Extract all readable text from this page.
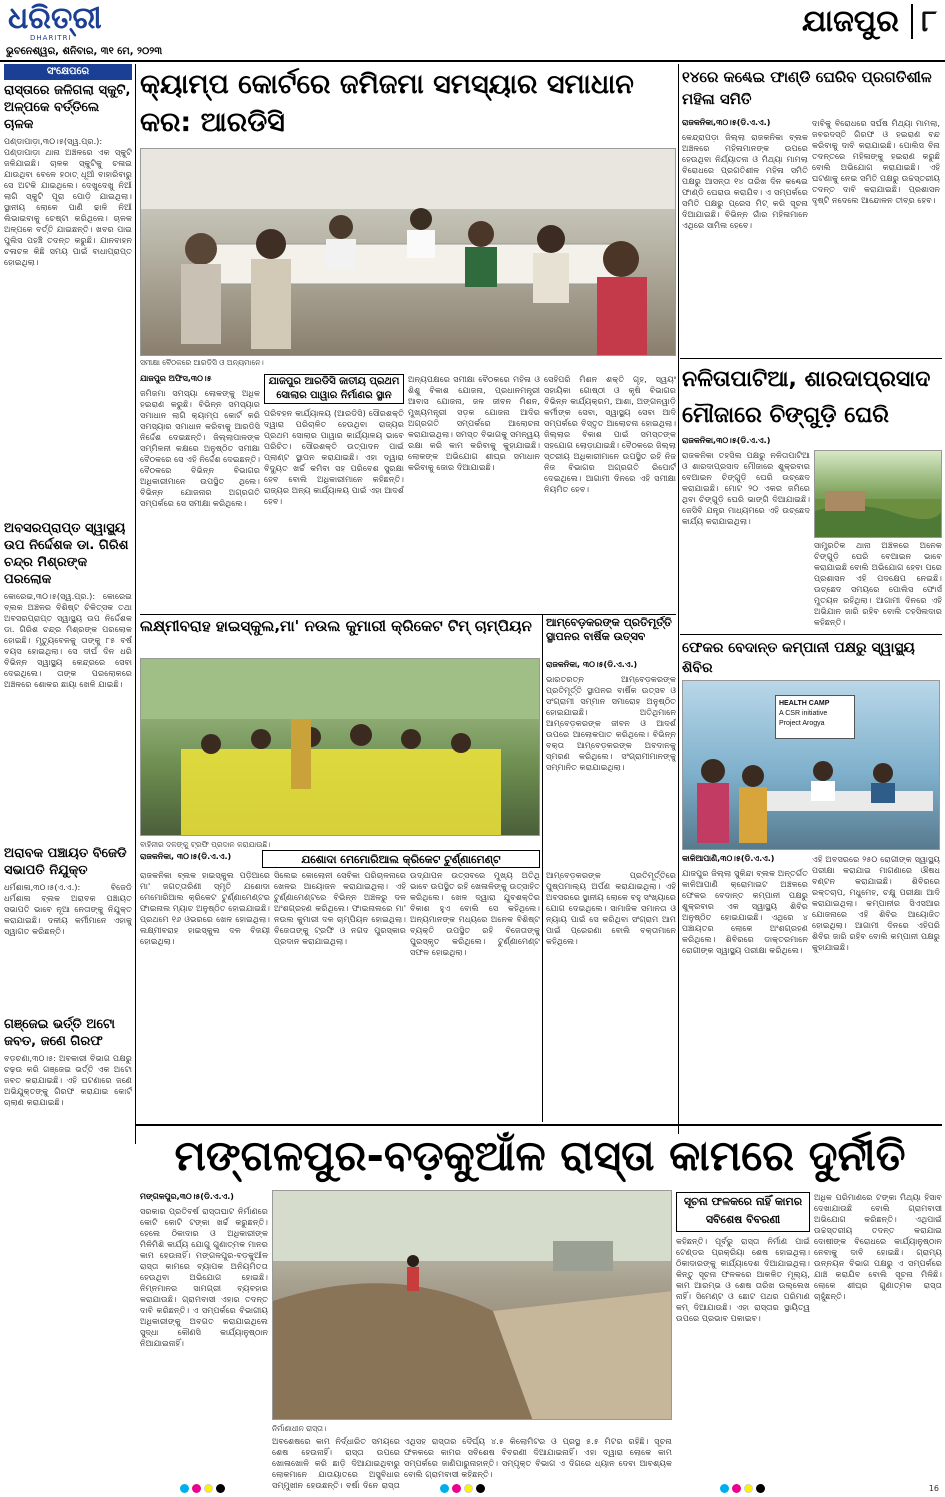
ଧରିତ୍ରୀ
DHARITRI	ଯାଜପୁର ୮
ଭୁବନେଶ୍ୱର, ଶନିବାର, ୩୧ ମେ, ୨୦୨୩
ସଂକ୍ଷେପରେ
ରାସ୍ତାରେ ଜଳିଗଲା ସ୍କୁଟି, ଅଳ୍ପକେ ବର୍ତ୍ତିଲେ ଚାଳକ
ପଣ୍ଡାପାଡ଼ା,୩୦।୫(ସ୍ୱ.ପ୍ର.): ପଣ୍ଡାପାଡ଼ା ଥାନା ଅଞ୍ଚଳରେ ଏକ ସ୍କୁଟି ଜଳିଯାଇଛି। ଚାଳକ ସ୍କୁଟିକୁ ଚଳାଇ ଯାଉଥିବା ବେଳେ ହଠାତ୍ ଧୂଆଁ ବାହାରିବାରୁ ସେ ଅଟକି ଯାଇଥିଲେ। ଦେଖୁଦେଖୁ ନିଆଁ ଲାଗି ସ୍କୁଟି ପୂରା ପୋଡ଼ି ଯାଇଥିଲା। ସ୍ଥାନୀୟ ଲୋକେ ପାଣି ଢାଳି ନିଆଁ ଲିଭାଇବାକୁ ଚେଷ୍ଟା କରିଥିଲେ। ଚାଳକ ଅଳ୍ପକେ ବର୍ତ୍ତି ଯାଇଛନ୍ତି। ଖବର ପାଇ ପୁଲିସ ପହଞ୍ଚି ତଦନ୍ତ କରୁଛି। ଯାନବାହନ ଚଳାଚଳ କିଛି ସମୟ ପାଇଁ ବାଧାପ୍ରାପ୍ତ ହୋଇଥିଲା।
ଅବସରପ୍ରାପ୍ତ ସ୍ୱାସ୍ଥ୍ୟ ଉପ ନିର୍ଦ୍ଦେଶକ ଡା. ଗିରିଶ ଚନ୍ଦ୍ର ମିଶ୍ରଙ୍କ ପରଲୋକ
କୋରେଇ,୩୦।୫(ସ୍ୱ.ପ୍ର.): କୋରେଇ ବ୍ଲକ ଅଞ୍ଚଳର ବିଶିଷ୍ଟ ଚିକିତ୍ସକ ତଥା ଅବସରପ୍ରାପ୍ତ ସ୍ୱାସ୍ଥ୍ୟ ଉପ ନିର୍ଦ୍ଦେଶକ ଡା. ଗିରିଶ ଚନ୍ଦ୍ର ମିଶ୍ରଙ୍କ ପରଲୋକ ହୋଇଛି। ମୃତ୍ୟୁବେଳକୁ ତାଙ୍କୁ ୮୫ ବର୍ଷ ବୟସ ହୋଇଥିଲା। ସେ ଦୀର୍ଘ ଦିନ ଧରି ବିଭିନ୍ନ ସ୍ୱାସ୍ଥ୍ୟ କେନ୍ଦ୍ରରେ ସେବା ଦେଇଥିଲେ। ତାଙ୍କ ପରଲୋକରେ ଅଞ୍ଚଳରେ ଶୋକର ଛାୟା ଖେଳି ଯାଇଛି।
ଅରାବକ ପଞ୍ଚାୟତ ବିଜେଡି ସଭାପତି ନିଯୁକ୍ତ
ଧର୍ମଶାଳା,୩୦।୫(ଏ.ଏ.): ବିଜେଡି ଧର୍ମଶାଳା ବ୍ଲକ ଅରାବକ ପଞ୍ଚାୟତ ସଭାପତି ଭାବେ ନୂଆ ନେତାଙ୍କୁ ନିଯୁକ୍ତ କରାଯାଇଛି। ଦଳୀୟ କର୍ମୀମାନେ ଏହାକୁ ସ୍ୱାଗତ କରିଛନ୍ତି।
ଗଞ୍ଜେଇ ଭର୍ତ୍ତି ଅଟୋ ଜବତ, ଜଣେ ଗିରଫ
ବଡ଼ଚଣା,୩୦।୫: ଅବକାରୀ ବିଭାଗ ପକ୍ଷରୁ ଚଢ଼ଉ କରି ଗଞ୍ଜେଇ ଭର୍ତ୍ତି ଏକ ଅଟୋ ଜବତ କରାଯାଇଛି। ଏହି ଘଟଣାରେ ଜଣେ ଅଭିଯୁକ୍ତଙ୍କୁ ଗିରଫ କରାଯାଇ କୋର୍ଟ ଚାଲାଣ କରାଯାଇଛି।
କ୍ୟାମ୍ପ କୋର୍ଟରେ ଜମିଜମା ସମସ୍ୟାର ସମାଧାନ କର: ଆରଡିସି
ସମୀକ୍ଷା ବୈଠକରେ ଆରଡିସି ଓ ଅନ୍ୟମାନେ।
ଯାଜପୁର ଅଫିସ,୩୦।୫
ଜମିଜମା ସମସ୍ୟା ଲୋକଙ୍କୁ ଅଧିକ ହଇରାଣ କରୁଛି। ବିଭିନ୍ନ ସମସ୍ୟାର ସମାଧାନ ଲାଗି କ୍ୟାମ୍ପ କୋର୍ଟ କରି ସମସ୍ୟାର ସମାଧାନ କରିବାକୁ ଆରଡିସି ନିର୍ଦ୍ଦେଶ ଦେଇଛନ୍ତି। ଜିଲ୍ଲାପାଳଙ୍କ ସମ୍ମିଳନୀ କକ୍ଷରେ ଅନୁଷ୍ଠିତ ସମୀକ୍ଷା ବୈଠକରେ ସେ ଏହି ନିର୍ଦ୍ଦେଶ ଦେଇଛନ୍ତି। ବୈଠକରେ ବିଭିନ୍ନ ବିଭାଗର ଅଧିକାରୀମାନେ ଉପସ୍ଥିତ ଥିଲେ। ବିଭିନ୍ନ ଯୋଜନାର ଅଗ୍ରଗତି ସମ୍ପର୍କରେ ସେ ସମୀକ୍ଷା କରିଥିଲେ।
ଯାଜପୁର ଆରଡିସି ଜାତୀୟ ପ୍ରଥମ ସୋଲାର ପାୱାର ନିର୍ମାଣର ସ୍ଥାନ
ପରିବହନ କାର୍ଯ୍ୟାଳୟ (ଆରଡିସି) ସୌରଶକ୍ତି ଦ୍ୱାରା ପରିଚାଳିତ ହେଉଥିବା ରାଜ୍ୟର ପ୍ରଥମ ସୋଲାର ପାୱାର କାର୍ଯ୍ୟାଳୟ ଭାବେ ପରିଚିତ। ସୌରଶକ୍ତି ଉତ୍ପାଦନ ପାଇଁ ପ୍ଲାଣ୍ଟ ସ୍ଥାପନ କରାଯାଇଛି। ଏହା ଦ୍ୱାରା ବିଦ୍ୟୁତ ଖର୍ଚ୍ଚ କମିବା ସହ ପରିବେଶ ସୁରକ୍ଷା ହେବ ବୋଲି ଅଧିକାରୀମାନେ କହିଛନ୍ତି। ରାଜ୍ୟର ଅନ୍ୟ କାର୍ଯ୍ୟାଳୟ ପାଇଁ ଏହା ଆଦର୍ଶ ହେବ।
ଅନ୍ୟପକ୍ଷରେ ସମୀକ୍ଷା ବୈଠକରେ ମହିଳା ଓ ଶିଶୁ ବିକାଶ ଯୋଜନା, ପ୍ରଧାନମନ୍ତ୍ରୀ ଆବାସ ଯୋଜନା, ଜଳ ଜୀବନ ମିଶନ, ମୁଖ୍ୟମନ୍ତ୍ରୀ ସଡ଼କ ଯୋଜନା ଆଦିର ଅଗ୍ରଗତି ସମ୍ପର୍କରେ ଆଲୋଚନା କରାଯାଇଥିଲା। ସମସ୍ତ ବିଭାଗକୁ ସମନ୍ୱୟ ରକ୍ଷା କରି କାମ କରିବାକୁ କୁହାଯାଇଛି। ଲୋକଙ୍କ ଅଭିଯୋଗ ଶୀଘ୍ର ସମାଧାନ କରିବାକୁ ଜୋର ଦିଆଯାଇଛି।
ସେହିପରି ମିଶନ ଶକ୍ତି ଗୃହ, ସ୍ୱୟଂ ସହାୟିକା ଗୋଷ୍ଠୀ ଓ କୃଷି ବିଭାଗର ବିଭିନ୍ନ କାର୍ଯ୍ୟକ୍ରମ, ଆଶା, ଅଙ୍ଗନୱାଡ଼ି କର୍ମୀଙ୍କ ସେବା, ସ୍ୱାସ୍ଥ୍ୟ ସେବା ଆଦି ସମ୍ପର୍କରେ ବିସ୍ତୃତ ଆଲୋଚନା ହୋଇଥିଲା। ଜିଲ୍ଲାର ବିକାଶ ପାଇଁ ସମସ୍ତଙ୍କ ସହଯୋଗ ଲୋଡ଼ାଯାଇଛି। ବୈଠକରେ ଜିଲ୍ଲା ସ୍ତରୀୟ ଅଧିକାରୀମାନେ ଉପସ୍ଥିତ ରହି ନିଜ ନିଜ ବିଭାଗର ଅଗ୍ରଗତି ରିପୋର୍ଟ ଦେଇଥିଲେ। ଆଗାମୀ ଦିନରେ ଏହି ସମୀକ୍ଷା ନିୟମିତ ହେବ।
୧୪ରେ କଣ୍ଢେଇ ଫାଣ୍ଡି ଘେରିବ ପ୍ରଗତିଶୀଳ ମହିଳା ସମିତି
ରାଜକନିକା,୩୦।୫(ଡି.ଏ.ଏ.)
କେନ୍ଦ୍ରାପଡ଼ା ଜିଲ୍ଲା ରାଜକନିକା ବ୍ଲକ ଅଞ୍ଚଳରେ ମହିଳାମାନଙ୍କ ଉପରେ ହେଉଥିବା ନିର୍ଯ୍ୟାତନା ଓ ମିଥ୍ୟା ମାମଲା ବିରୋଧରେ ପ୍ରଗତିଶୀଳ ମହିଳା ସମିତି ପକ୍ଷରୁ ଆସନ୍ତା ୧୪ ତାରିଖ ଦିନ କଣ୍ଢେଇ ଫାଣ୍ଡି ଘେରାଉ କରାଯିବ। ଏ ସମ୍ପର୍କରେ ସମିତି ପକ୍ଷରୁ ପ୍ରେସ ମିଟ୍ କରି ସୂଚନା ଦିଆଯାଇଛି। ବିଭିନ୍ନ ଗାଁର ମହିଳାମାନେ ଏଥିରେ ସାମିଲ ହେବେ।
ଦାବିକୁ ବିରୋଧରେ ସର୍ଘଷ ମିଥ୍ୟା ମାମଲା, ଜବରଦସ୍ତି ଗିରଫ ଓ ହଇରାଣ ବନ୍ଦ କରିବାକୁ ଦାବି କରାଯାଇଛି। ପୋଲିସ ବିନା ତଦନ୍ତରେ ମହିଳାଙ୍କୁ ହଇରାଣ କରୁଛି ବୋଲି ଅଭିଯୋଗ କରାଯାଇଛି। ଏହି ଘଟଣାକୁ ନେଇ ସମିତି ପକ୍ଷରୁ ଉଚ୍ଚସ୍ତରୀୟ ତଦନ୍ତ ଦାବି କରାଯାଇଛି। ପ୍ରଶାସନ ଦୃଷ୍ଟି ନଦେଲେ ଆନ୍ଦୋଳନ ତୀବ୍ର ହେବ।
ନଳିତାପାଟିଆ, ଶାରଦାପ୍ରସାଦ ମୌଜାରେ ଚିଙ୍ଗୁଡ଼ି ଘେରି
ରାଜକନିକା,୩୦।୫(ଡି.ଏ.ଏ.)
ରାଜକନିକା ତହସିଲ ପକ୍ଷରୁ ନଳିତାପାଟିଆ ଓ ଶାରଦାପ୍ରସାଦ ମୌଜାରେ ଶୁକ୍ରବାର ବେଆଇନ ଚିଙ୍ଗୁଡ଼ି ଘେରି ଉଚ୍ଛେଦ କରାଯାଇଛି। ମୋଟ ୨୦ ଏକର ଜମିରେ ଥିବା ଚିଙ୍ଗୁଡ଼ି ଘେରି ଭାଙ୍ଗି ଦିଆଯାଇଛି। ଜେସିବି ଯନ୍ତ୍ର ମାଧ୍ୟମରେ ଏହି ଉଚ୍ଛେଦ କାର୍ଯ୍ୟ କରାଯାଇଥିଲା।
ସାମ୍ପ୍ରତିକ ଥାନା ଅଞ୍ଚଳରେ ଅନେକ ଚିଙ୍ଗୁଡ଼ି ଘେରି ବେଆଇନ ଭାବେ କରାଯାଇଛି ବୋଲି ଅଭିଯୋଗ ହେବା ପରେ ପ୍ରଶାସନ ଏହି ପଦକ୍ଷେପ ନେଇଛି। ଉଚ୍ଛେଦ ସମୟରେ ପୋଲିସ ଫୋର୍ସ ମୁତୟନ ରହିଥିଲା। ଆଗାମୀ ଦିନରେ ଏହି ଅଭିଯାନ ଜାରି ରହିବ ବୋଲି ତହସିଲଦାର କହିଛନ୍ତି।
ଲକ୍ଷ୍ମୀବରାହ ହାଇସ୍କୁଲ,ମା' ନଉଲ କୁମାରୀ କ୍ରିକେଟ ଟିମ୍ ଚାମ୍ପିୟନ
ବାହିନୀର ଦଳଙ୍କୁ ଟ୍ରଫି ପ୍ରଦାନ କରାଯାଉଛି।
ରାଜକନିକା, ୩୦।୫(ଡି.ଏ.ଏ.)	ଯଶୋଦା ମେମୋରିଆଲ କ୍ରିକେଟ ଟୁର୍ଣ୍ଣାମେଣ୍ଟ
ରାଜକନିକା ବ୍ଲକ ହାଇସ୍କୁଲ ପଡ଼ିଆରେ ମା' ଜଗତ୍ତାରିଣୀ ସ୍ମୃତି ଯଶୋଦା ମେମୋରିଆଲ କ୍ରିକେଟ ଟୁର୍ଣ୍ଣାମେଣ୍ଟର ଫାଇନାଲ ମ୍ୟାଚ ଅନୁଷ୍ଠିତ ହୋଇଯାଇଛି। ପ୍ରଥମେ ୧୬ ଓଭରରେ ଖେଳ ହୋଇଥିଲା। ଲକ୍ଷ୍ମୀବରାହ ହାଇସ୍କୁଲ ଦଳ ବିଜୟୀ ହୋଇଥିଲା।
ସିଲେଇ କୋଲୋନୀ ସେବିକା ପରିଚାଳନାରେ ଖେଳର ଆୟୋଜନ କରାଯାଇଥିଲା। ଏହି ଟୁର୍ଣ୍ଣାମେଣ୍ଟରେ ବିଭିନ୍ନ ଅଞ୍ଚଳରୁ ଦଳ ଅଂଶଗ୍ରହଣ କରିଥିଲେ। ଫାଇନାଲରେ ମା' ନଉଲ କୁମାରୀ ଦଳ ଚାମ୍ପିୟନ ହୋଇଥିଲା। ବିଜେତାଙ୍କୁ ଟ୍ରଫି ଓ ନଗଦ ପୁରସ୍କାର ପ୍ରଦାନ କରାଯାଇଥିଲା।
ଉଦ୍‌ଯାପନ ଉତ୍ସବରେ ମୁଖ୍ୟ ଅତିଥି ଭାବେ ଉପସ୍ଥିତ ରହି ଖେଳାଳିଙ୍କୁ ଉତ୍ସାହିତ କରିଥିଲେ। ଖେଳ ଦ୍ୱାରା ଯୁବଶକ୍ତିର ବିକାଶ ହୁଏ ବୋଲି ସେ କହିଥିଲେ। ଅନ୍ୟମାନଙ୍କ ମଧ୍ୟରେ ଅନେକ ବିଶିଷ୍ଟ ବ୍ୟକ୍ତି ଉପସ୍ଥିତ ରହି ବିଜେତାଙ୍କୁ ପୁରସ୍କୃତ କରିଥିଲେ। ଟୁର୍ଣ୍ଣାମେଣ୍ଟ ସଫଳ ହୋଇଥିଲା।
ଆମ୍ବେଡ଼କରଙ୍କ ପ୍ରତିମୂର୍ତ୍ତି ସ୍ଥାପନର ବାର୍ଷିକ ଉତ୍ସବ
ରାଜକନିକା, ୩୦।୫(ଡି.ଏ.ଏ.)
ଭାରତରତ୍ନ ଆମ୍ବେଡ଼କରଙ୍କ ପ୍ରତିମୂର୍ତ୍ତି ସ୍ଥାପନର ବାର୍ଷିକ ଉତ୍ସବ ଓ ସଂଗ୍ରାମୀ ସମ୍ମାନ ସମାରୋହ ଅନୁଷ୍ଠିତ ହୋଇଯାଇଛି। ଅତିଥିମାନେ ଆମ୍ବେଡ଼କରଙ୍କ ଜୀବନ ଓ ଆଦର୍ଶ ଉପରେ ଆଲୋକପାତ କରିଥିଲେ। ବିଭିନ୍ନ ବକ୍ତା ଆମ୍ବେଡ଼କରଙ୍କ ଅବଦାନକୁ ସ୍ମରଣ କରିଥିଲେ। ସଂଗ୍ରାମୀମାନଙ୍କୁ ସମ୍ମାନିତ କରାଯାଇଥିଲା।
ଆମ୍ବେଡ଼କରଙ୍କ ପ୍ରତିମୂର୍ତ୍ତିରେ ପୁଷ୍ପମାଲ୍ୟ ଅର୍ପଣ କରାଯାଇଥିଲା। ଏହି ଅବସରରେ ସ୍ଥାନୀୟ ଲୋକେ ବହୁ ସଂଖ୍ୟାରେ ଯୋଗ ଦେଇଥିଲେ। ସାମାଜିକ ସମାନତା ଓ ନ୍ୟାୟ ପାଇଁ ସେ କରିଥିବା ସଂଗ୍ରାମ ଆମ ପାଇଁ ପ୍ରେରଣା ବୋଲି ବକ୍ତାମାନେ କହିଥିଲେ।
ଫେକର ବେଦାନ୍ତ କମ୍ପାନୀ ପକ୍ଷରୁ ସ୍ୱାସ୍ଥ୍ୟ ଶିବିର
HEALTH CAMP
A CSR initiative
Project Arogya
କାଳିଆପାଣି,୩୦।୫(ଡି.ଏ.ଏ.)
ଯାଜପୁର ଜିଲ୍ଲା ସୁକିନ୍ଦା ବ୍ଲକ ଅନ୍ତର୍ଗତ କାଳିଆପାଣି କ୍ରୋମାଇଟ ଅଞ୍ଚଳରେ ଫେକର ବେଦାନ୍ତ କମ୍ପାନୀ ପକ୍ଷରୁ ଶୁକ୍ରବାର ଏକ ସ୍ୱାସ୍ଥ୍ୟ ଶିବିର ଅନୁଷ୍ଠିତ ହୋଇଯାଇଛି। ଏଥିରେ ୪ ପଞ୍ଚାୟତର ଲୋକେ ଅଂଶଗ୍ରହଣ କରିଥିଲେ। ଶିବିରରେ ଡାକ୍ତରମାନେ ରୋଗୀଙ୍କ ସ୍ୱାସ୍ଥ୍ୟ ପରୀକ୍ଷା କରିଥିଲେ।
ଏହି ଅବସରରେ ୨୫୦ ରୋଗୀଙ୍କ ସ୍ୱାସ୍ଥ୍ୟ ପରୀକ୍ଷା କରାଯାଇ ମାଗଣାରେ ଔଷଧ ବଣ୍ଟନ କରାଯାଇଛି। ଶିବିରରେ ରକ୍ତଚାପ, ମଧୁମେହ, ଚକ୍ଷୁ ପରୀକ୍ଷା ଆଦି କରାଯାଇଥିଲା। କମ୍ପାନୀର ସିଏସଆର ଯୋଜନାରେ ଏହି ଶିବିର ଆୟୋଜିତ ହୋଇଥିଲା। ଆଗାମୀ ଦିନରେ ଏହିପରି ଶିବିର ଜାରି ରହିବ ବୋଲି କମ୍ପାନୀ ପକ୍ଷରୁ କୁହାଯାଇଛି।
ମଙ୍ଗଳପୁର-ବଡ଼କୁଆଁଳ ରାସ୍ତା କାମରେ ଦୁର୍ନୀତି
ମଙ୍ଗଳପୁର,୩୦।୫(ଡି.ଏ.ଏ.)
ସରକାର ପ୍ରତିବର୍ଷ ରାସ୍ତାଘାଟ ନିର୍ମାଣରେ କୋଟି କୋଟି ଟଙ୍କା ଖର୍ଚ୍ଚ କରୁଛନ୍ତି। ହେଲେ ଠିକାଦାର ଓ ଅଧିକାରୀଙ୍କ ମିଳିମିଶି କାର୍ଯ୍ୟ ଯୋଗୁ ଗୁଣାତ୍ମକ ମାନର କାମ ହେଉନାହିଁ। ମଙ୍ଗଳପୁର-ବଡ଼କୁଆଁଳ ରାସ୍ତା କାମରେ ବ୍ୟାପକ ଅନିୟମିତତା ହେଉଥିବା ଅଭିଯୋଗ ହୋଇଛି। ନିମ୍ନମାନର ସାମଗ୍ରୀ ବ୍ୟବହାର କରାଯାଉଛି। ଗ୍ରାମବାସୀ ଏହାର ତଦନ୍ତ ଦାବି କରିଛନ୍ତି। ଏ ସମ୍ପର୍କରେ ବିଭାଗୀୟ ଅଧିକାରୀଙ୍କୁ ଅବଗତ କରାଯାଇଥିଲେ ସୁଦ୍ଧା କୌଣସି କାର୍ଯ୍ୟାନୁଷ୍ଠାନ ନିଆଯାଇନାହିଁ।
ନିର୍ମାଣାଧୀନ ରାସ୍ତା।
ଅବଶେଷରେ କାମ ନିର୍ଦ୍ଧାରିତ ସମୟରେ ଶେଷ ହେଉନାହିଁ। ରାସ୍ତା ଉପରେ ଖୋଳାଖୋଳି କରି ଛାଡ଼ି ଦିଆଯାଇଥିବାରୁ ଲୋକମାନେ ଯାତାୟାତରେ ଅସୁବିଧାର ସମ୍ମୁଖୀନ ହେଉଛନ୍ତି। ବର୍ଷା ଦିନେ ରାସ୍ତା
ଏଥିସହ ରାସ୍ତାର ଦୈର୍ଘ୍ୟ ୪.୫ କିଲୋମିଟର ଓ ପ୍ରସ୍ଥ ୫.୫ ମିଟର ରହିଛି। ସୂଚନା ଫଳକରେ କାମର ସବିଶେଷ ବିବରଣୀ ଦିଆଯାଇନାହିଁ। ଏହା ଦ୍ୱାରା ଲୋକେ କାମ ସମ୍ପର୍କରେ ଜାଣିପାରୁନାହାନ୍ତି। ସମ୍ପୃକ୍ତ ବିଭାଗ ଏ ଦିଗରେ ଧ୍ୟାନ ଦେବା ଆବଶ୍ୟକ ବୋଲି ଗ୍ରାମବାସୀ କହିଛନ୍ତି।
ସୂଚନା ଫଳକରେ ନାହିଁ କାମର ସବିଶେଷ ବିବରଣୀ
କହିଛନ୍ତି। ପୂର୍ବରୁ ରାସ୍ତା ନିର୍ମାଣ ପାଇଁ ଟେଣ୍ଡର ପ୍ରକ୍ରିୟା ଶେଷ ହୋଇଥିଲା। ଠିକାଦାରଙ୍କୁ କାର୍ଯ୍ୟାଦେଶ ଦିଆଯାଇଥିଲା। କିନ୍ତୁ ସୂଚନା ଫଳକରେ ଆକଳିତ ମୂଲ୍ୟ, କାମ ଆରମ୍ଭ ଓ ଶେଷ ତାରିଖ ଉଲ୍ଲେଖ ନାହିଁ। ସିମେଣ୍ଟ ଓ ଛୋଟ ପଥର ପରିମାଣ କମ୍ ଦିଆଯାଉଛି। ଏହା ରାସ୍ତାର ସ୍ଥାୟିତ୍ୱ ଉପରେ ପ୍ରଭାବ ପକାଇବ।
ଅଧିକ ପରିମାଣରେ ଟଙ୍କା ମିଥ୍ୟା ହିସାବ ଦେଖାଯାଉଛି ବୋଲି ଗ୍ରାମବାସୀ ଅଭିଯୋଗ କରିଛନ୍ତି। ଏଥିପାଇଁ ଉଚ୍ଚସ୍ତରୀୟ ତଦନ୍ତ କରାଯାଇ ଦୋଷୀଙ୍କ ବିରୋଧରେ କାର୍ଯ୍ୟାନୁଷ୍ଠାନ ନେବାକୁ ଦାବି ହୋଇଛି। ଗ୍ରାମ୍ୟ ଉନ୍ନୟନ ବିଭାଗ ପକ୍ଷରୁ ଏ ସମ୍ପର୍କରେ ଯାଞ୍ଚ କରାଯିବ ବୋଲି ସୂଚନା ମିଳିଛି। ଲୋକେ ଶୀଘ୍ର ଗୁଣାତ୍ମକ ରାସ୍ତା ଚାହୁଁଛନ୍ତି।
16
